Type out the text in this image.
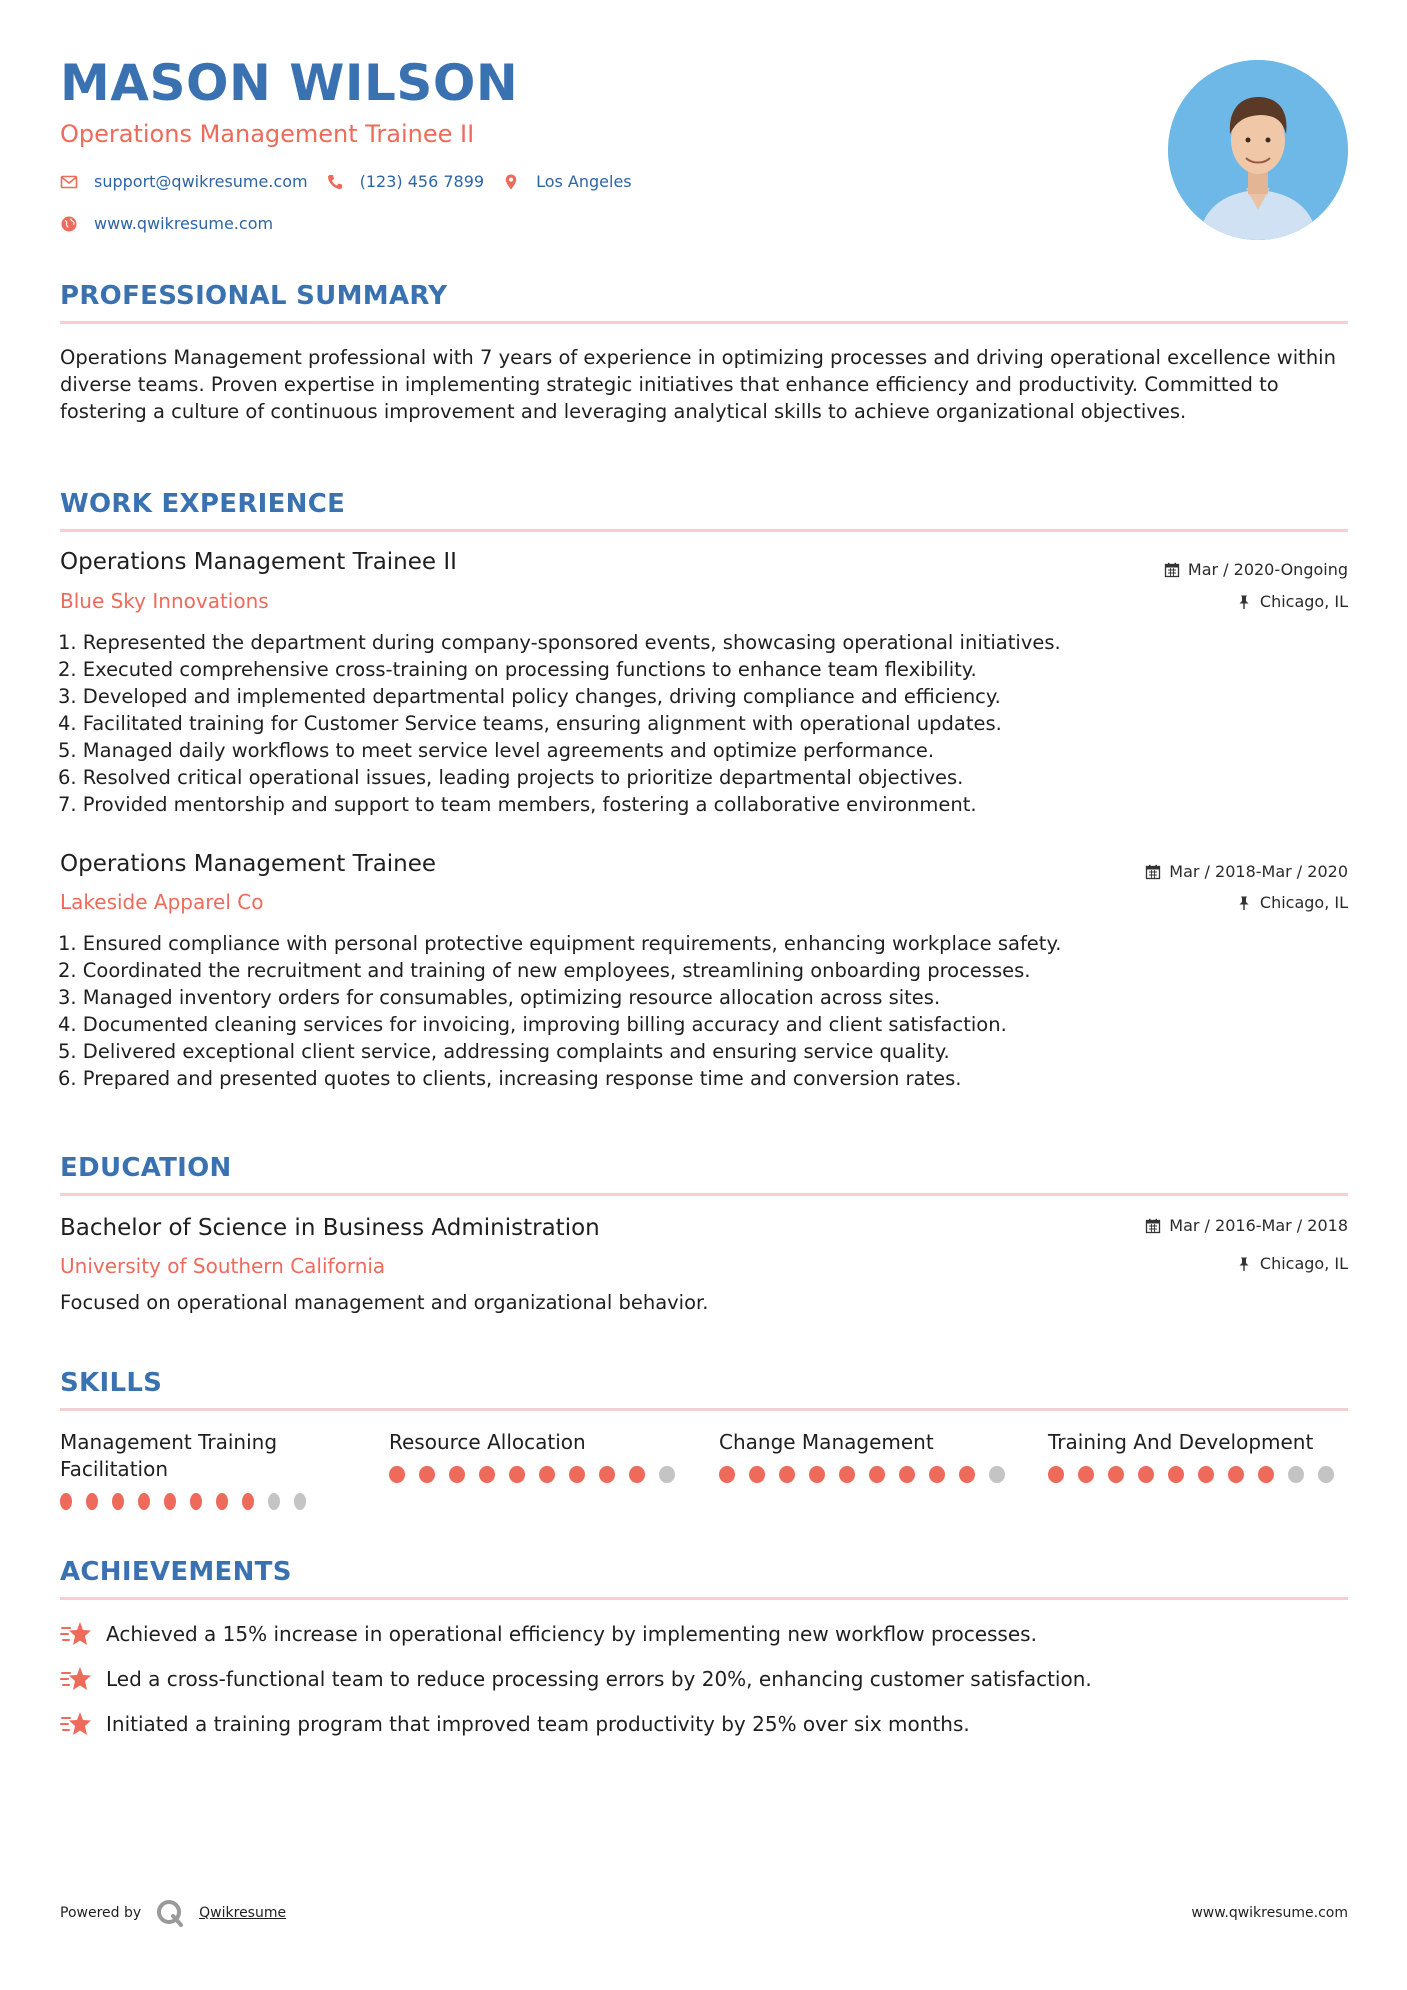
MASON WILSON
Operations Management Trainee II
support@qwikresume.com	(123) 456 7899	Los Angeles
www.qwikresume.com
PROFESSIONAL SUMMARY
Operations Management professional with 7 years of experience in optimizing processes and driving operational excellence within diverse teams. Proven expertise in implementing strategic initiatives that enhance efficiency and productivity. Committed to fostering a culture of continuous improvement and leveraging analytical skills to achieve organizational objectives.
WORK EXPERIENCE
Operations Management Trainee II
Blue Sky Innovations
Mar / 2020-Ongoing
Chicago, IL
1. Represented the department during company-sponsored events, showcasing operational initiatives.
2. Executed comprehensive cross-training on processing functions to enhance team flexibility.
3. Developed and implemented departmental policy changes, driving compliance and efficiency.
4. Facilitated training for Customer Service teams, ensuring alignment with operational updates.
5. Managed daily workflows to meet service level agreements and optimize performance.
6. Resolved critical operational issues, leading projects to prioritize departmental objectives.
7. Provided mentorship and support to team members, fostering a collaborative environment.
Operations Management Trainee
Lakeside Apparel Co
Mar / 2018-Mar / 2020
Chicago, IL
1. Ensured compliance with personal protective equipment requirements, enhancing workplace safety.
2. Coordinated the recruitment and training of new employees, streamlining onboarding processes.
3. Managed inventory orders for consumables, optimizing resource allocation across sites.
4. Documented cleaning services for invoicing, improving billing accuracy and client satisfaction.
5. Delivered exceptional client service, addressing complaints and ensuring service quality.
6. Prepared and presented quotes to clients, increasing response time and conversion rates.
EDUCATION
Bachelor of Science in Business Administration
University of Southern California
Mar / 2016-Mar / 2018
Chicago, IL
Focused on operational management and organizational behavior.
SKILLS
Management Training Facilitation
Resource Allocation	Change Management	Training And Development
ACHIEVEMENTS
Achieved a 15% increase in operational efficiency by implementing new workflow processes.
Led a cross-functional team to reduce processing errors by 20%, enhancing customer satisfaction.
Initiated a training program that improved team productivity by 25% over six months.
Powered by	Qwikresume	www.qwikresume.com
